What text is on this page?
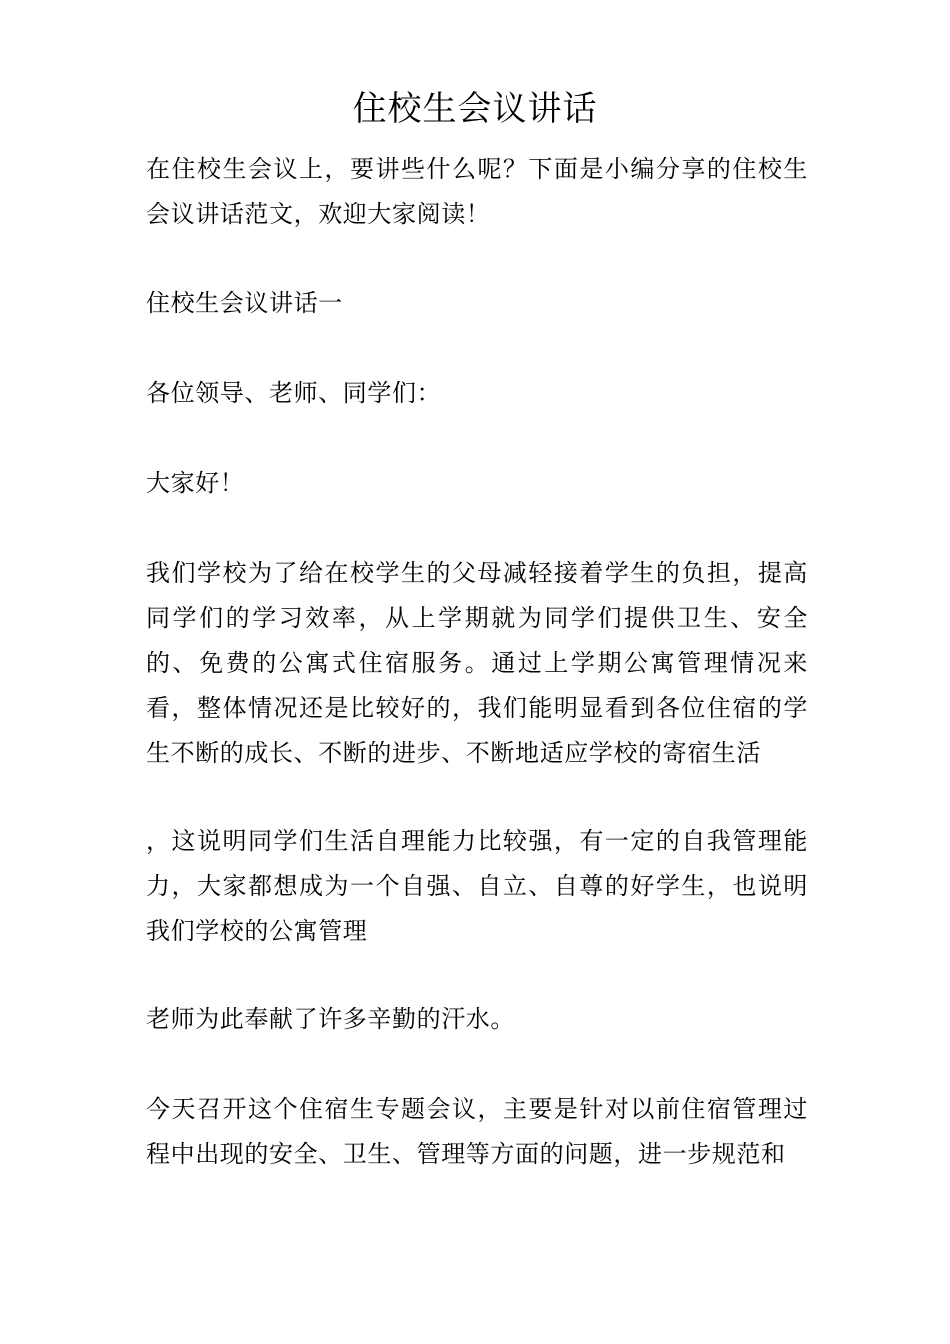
住校生会议讲话

在住校生会议上，要讲些什么呢？下面是小编分享的住校生会议讲话范文，欢迎大家阅读！

住校生会议讲话一

各位领导、老师、同学们：

大家好！

我们学校为了给在校学生的父母减轻接着学生的负担，提高同学们的学习效率，从上学期就为同学们提供卫生、安全的、免费的公寓式住宿服务。通过上学期公寓管理情况来看，整体情况还是比较好的，我们能明显看到各位住宿的学生不断的成长、不断的进步、不断地适应学校的寄宿生活

，这说明同学们生活自理能力比较强，有一定的自我管理能力，大家都想成为一个自强、自立、自尊的好学生，也说明我们学校的公寓管理

老师为此奉献了许多辛勤的汗水。

今天召开这个住宿生专题会议，主要是针对以前住宿管理过程中出现的安全、卫生、管理等方面的问题，进一步规范和
